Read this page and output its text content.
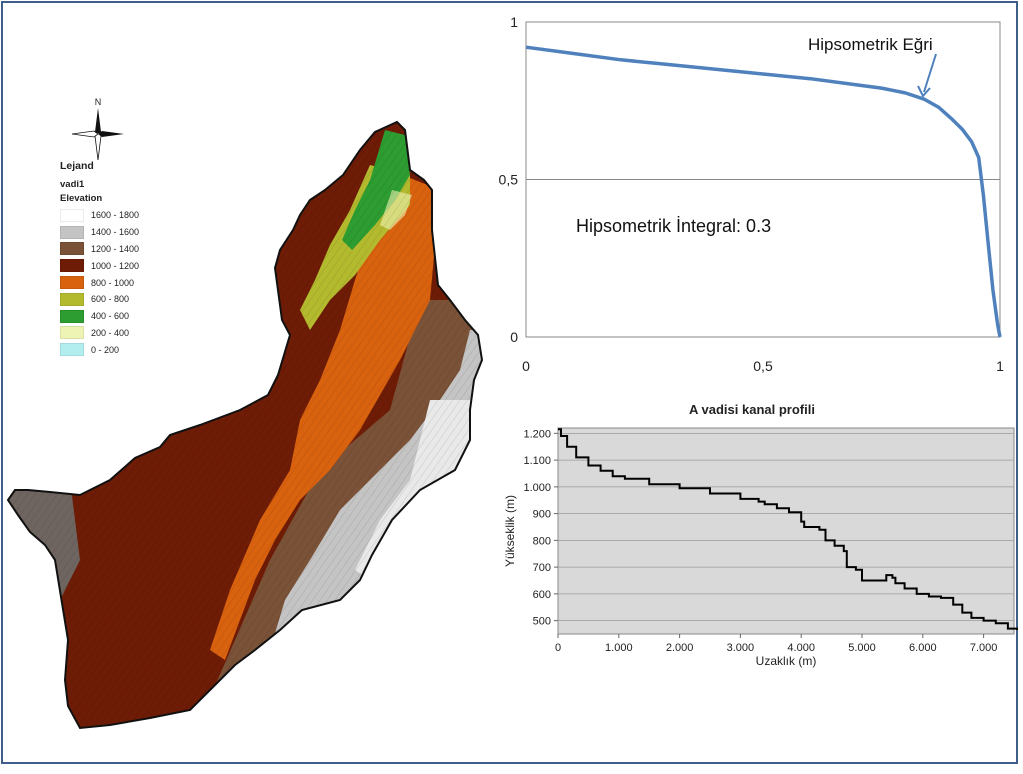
N
Lejand
vadi1
Elevation
1600 - 1800
1400 - 1600
1200 - 1400
1000 - 1200
800 - 1000
600 - 800
400 - 600
200 - 400
0 - 200
0
0,5
1
0	0,5	1
Hipsometrik Eğri
Hipsometrik İntegral: 0.3
A vadisi kanal profili
500
600
700
800
900
1.000
1.100
1.200
0	1.000	2.000	3.000	4.000	5.000	6.000	7.000
Uzaklık (m)
Yükseklik (m)
